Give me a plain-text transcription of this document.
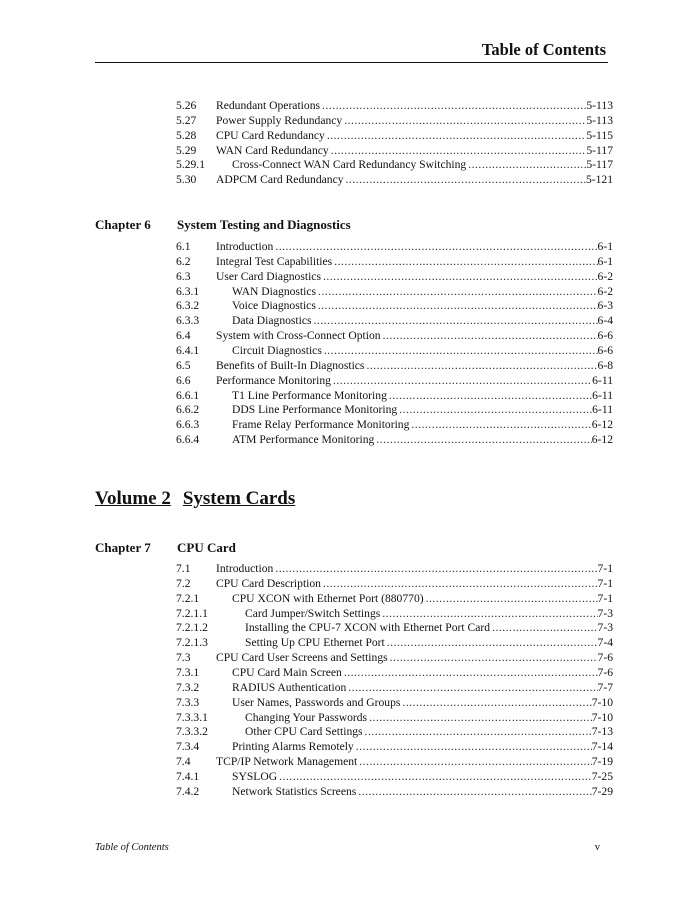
Table of Contents
5.26 Redundant Operations .....	5-113
5.27 Power Supply Redundancy .....	5-113
5.28 CPU Card Redundancy .....	5-115
5.29 WAN Card Redundancy .....	5-117
5.29.1 Cross-Connect WAN Card Redundancy Switching .....	5-117
5.30 ADPCM Card Redundancy .....	5-121
6.1 Introduction .....	6-1
6.2 Integral Test Capabilities .....	6-1
6.3 User Card Diagnostics .....	6-2
6.3.1	WAN Diagnostics .....	6-2
6.3.2	Voice Diagnostics .....	6-3
6.3.3	Data Diagnostics .....	6-4
6.4 System with Cross-Connect Option .....	6-6
6.4.1	Circuit Diagnostics .....	6-6
6.5 Benefits of Built-In Diagnostics .....	6-8
6.6 Performance Monitoring .....	6-11
6.6.1	T1 Line Performance Monitoring .....	6-11
6.6.2	DDS Line Performance Monitoring .....	6-11
6.6.3	Frame Relay Performance Monitoring .....	6-12
6.6.4	ATM Performance Monitoring .....	6-12
7.1 Introduction .....	7-1
7.2 CPU Card Description .....	7-1
7.2.1	CPU XCON with Ethernet Port (880770) .....	7-1
7.2.1.1	Card Jumper/Switch Settings .....	7-3
7.2.1.2	Installing the CPU-7 XCON with Ethernet Port Card .....	7-3
7.2.1.3	Setting Up CPU Ethernet Port .....	7-4
7.3 CPU Card User Screens and Settings .....	7-6
7.3.1	CPU Card Main Screen .....	7-6
7.3.2	RADIUS Authentication .....	7-7
7.3.3	User Names, Passwords and Groups .....	7-10
7.3.3.1	Changing Your Passwords .....	7-10
7.3.3.2	Other CPU Card Settings .....	7-13
7.3.4	Printing Alarms Remotely .....	7-14
7.4 TCP/IP Network Management .....	7-19
7.4.1	SYSLOG .....	7-25
7.4.2	Network Statistics Screens .....	7-29
Chapter 6 System Testing and Diagnostics
Volume 2 System Cards
Chapter 7 CPU Card
Table of Contents	v
